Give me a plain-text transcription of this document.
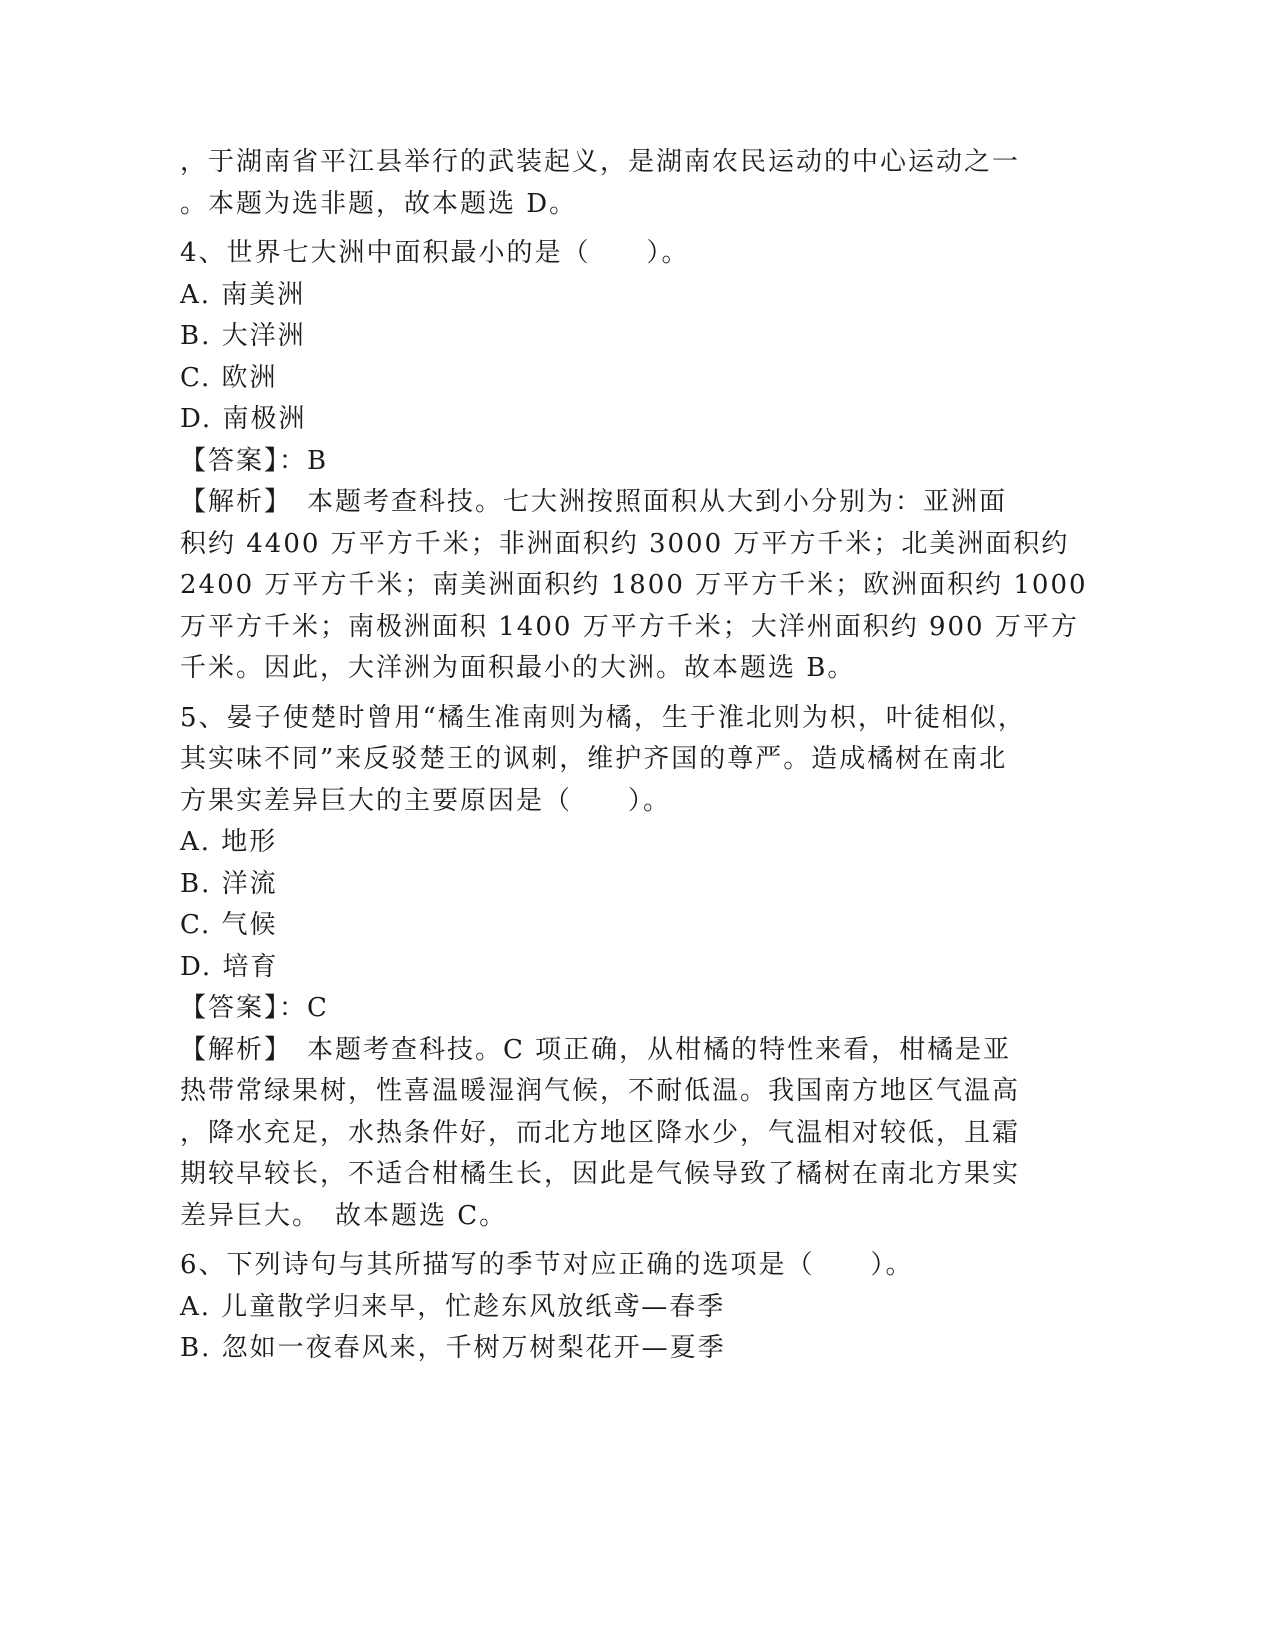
，于湖南省平江县举行的武装起义，是湖南农民运动的中心运动之一
。本题为选非题，故本题选 D。
4、世界七大洲中面积最小的是（　　）。
A. 南美洲
B. 大洋洲
C. 欧洲
D. 南极洲
【答案】：B
【解析】　本题考查科技。七大洲按照面积从大到小分别为：亚洲面
积约 4400 万平方千米；非洲面积约 3000 万平方千米；北美洲面积约
2400 万平方千米；南美洲面积约 1800 万平方千米；欧洲面积约 1000
万平方千米；南极洲面积 1400 万平方千米；大洋州面积约 900 万平方
千米。因此，大洋洲为面积最小的大洲。故本题选 B。
5、晏子使楚时曾用“橘生准南则为橘，生于淮北则为枳，叶徒相似，
其实味不同”来反驳楚王的讽刺，维护齐国的尊严。造成橘树在南北
方果实差异巨大的主要原因是（　　）。
A. 地形
B. 洋流
C. 气候
D. 培育
【答案】：C
【解析】　本题考查科技。C 项正确，从柑橘的特性来看，柑橘是亚
热带常绿果树，性喜温暖湿润气候，不耐低温。我国南方地区气温高
，降水充足，水热条件好，而北方地区降水少，气温相对较低，且霜
期较早较长，不适合柑橘生长，因此是气候导致了橘树在南北方果实
差异巨大。　故本题选 C。
6、下列诗句与其所描写的季节对应正确的选项是（　　）。
A. 儿童散学归来早，忙趁东风放纸鸢—春季
B. 忽如一夜春风来，千树万树梨花开—夏季
